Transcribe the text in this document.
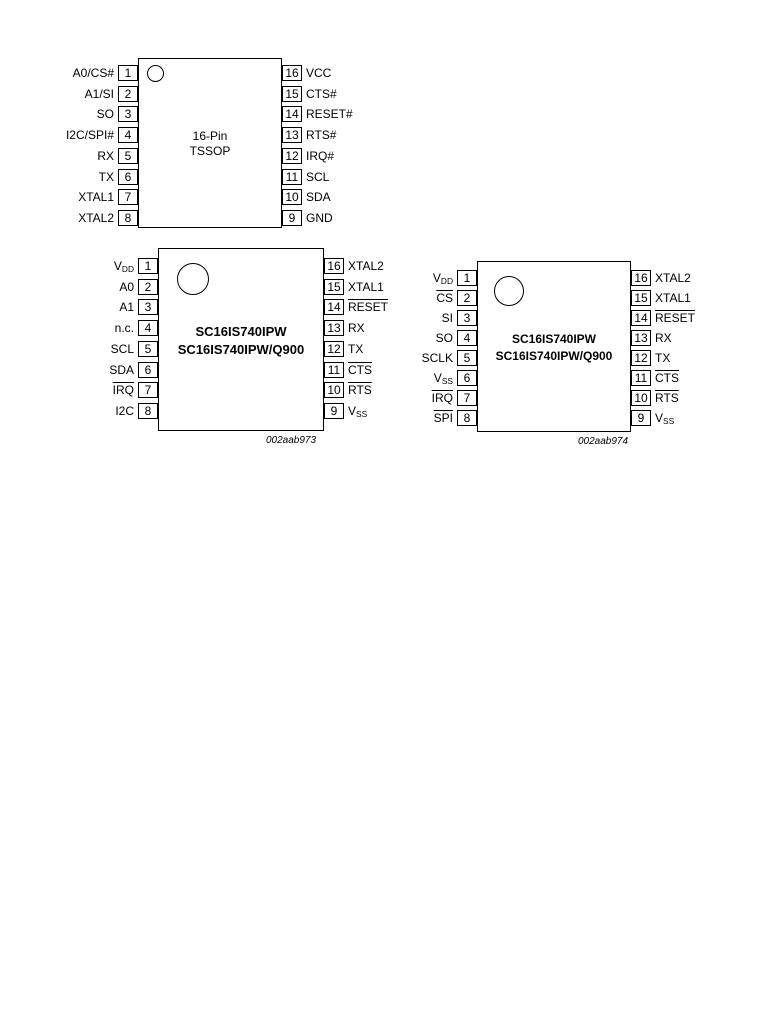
16-Pin
TSSOP
A0/CS# 1
A1/SI 2
SO 3
I2C/SPI# 4
RX 5
TX 6
XTAL1 7
XTAL2 8
VCC
16
CTS#
15
RESET#
14
RTS#
13
IRQ#
12
SCL
11
SDA
10
GND
9
SC16IS740IPW
SC16IS740IPW/Q900
$V_{DD}$ 1
A0 2
A1 3
n.c. 4
SCL 5
SDA 6
$\overline{IRQ}$ 7
I2C 8
XTAL2
16
XTAL1
15
RESET
14
RX
13
TX
12
$\overline{CTS}$
11
$\overline{RTS}$
10
$V_{SS}$
9
002aab973
SC16IS740IPW
SC16IS740IPW/Q900
$V_{DD}$ 1
$\overline{CS}$ 2
SI 3
SO 4
SCLK 5
$V_{SS}$ 6
$\overline{IRQ}$ 7
$\overline{SPI}$ 8
XTAL2
16
XTAL1
15
RESET
14
RX
13
TX
12
$\overline{CTS}$
11
$\overline{RTS}$
10
$V_{SS}$
9
002aab974
